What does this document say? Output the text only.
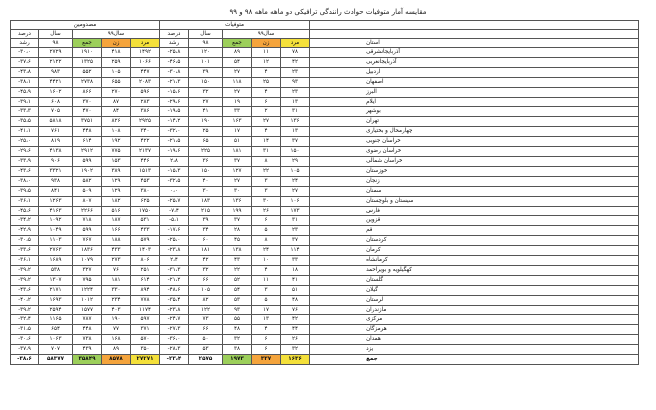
مقایسه آمار متوفیات حوادث رانندگی ترافیکی دو ماهه ماهه ۹۸ و ۹۹
مصدومین					متوفیات					
درصد	سال	سال۹۹			درصد	سال	سال۹۹			
رشد	۹۸	جمع	زن	مرد	رشد	۹۸	جمع	زن	مرد	استان
-۳۰،۰	۲۷۲۹	۱۹۱۰	۴۱۸	۱۴۹۲	-۲۵،۸	۱۲۰	۸۹	۱۱	۷۸	آذربایجانشرقی
-۳۷،۶	۲۱۲۲	۱۳۲۵	۲۵۹	۱۰۶۶	-۴۶،۵	۱۰۱	۵۴	۱۲	۴۲	آذربایجانغربی
-۴۳،۸	۹۸۳	۵۵۲	۱۰۵	۴۴۷	-۳۰،۸	۳۹	۲۷	۴	۲۳	اردبیل
-۳۸،۱	۴۴۲۱	۲۷۳۸	۶۵۵	۲۰۸۳	-۲۱،۳	۱۵۰	۱۱۸	۲۵	۹۳	اصفهان
-۴۵،۹	۱۶۰۲	۸۶۶	۲۷۰	۵۹۶	-۱۵،۶	۳۲	۲۷	۴	۲۳	البرز
-۳۹،۱	۶۰۸	۳۷۰	۸۷	۲۸۳	-۲۹،۶	۲۷	۱۹	۶	۱۳	ایلام
-۳۳،۳	۷۰۵	۴۷۰	۸۴	۳۸۶	-۱۹،۵	۴۱	۳۳	۲	۳۱	بوشهر
-۳۵،۵	۵۸۱۸	۳۷۵۱	۸۲۶	۲۹۲۵	-۱۴،۲	۱۹۰	۱۶۳	۲۷	۱۳۶	تهران
-۴۱،۱	۷۶۱	۴۴۸	۱۰۸	۳۴۰	-۳۲،۰	۲۵	۱۷	۴	۱۳	چهارمحال و بختیاری
-۲۵،۰	۸۱۹	۶۱۴	۱۹۲	۴۲۲	-۲۱،۵	۶۵	۵۱	۱۴	۳۷	خراسان جنوبی
-۲۹،۶	۴۱۳۸	۲۹۱۲	۷۷۵	۲۱۳۷	-۱۹،۶	۲۲۵	۱۸۱	۳۱	۱۵۰	خراسان رضوی
-۳۳،۹	۹۰۶	۵۹۹	۱۵۳	۴۴۶	۲،۸	۳۶	۳۷	۸	۲۹	خراسان شمالی
-۴۳،۶	۳۳۲۱	۱۹۰۲	۳۸۹	۱۵۱۳	-۱۵،۳	۱۵۰	۱۲۷	۲۲	۱۰۵	خوزستان
-۳۸،۰	۹۳۸	۵۸۲	۱۲۹	۴۵۳	-۳۲،۵	۴۰	۲۷	۳	۲۴	زنجان
-۳۹،۵	۸۴۱	۵۰۹	۱۲۹	۳۸۰	۰،۰	۳۰	۳۰	۳	۲۷	سمنان
-۳۶،۱	۱۲۶۳	۸۰۷	۱۸۲	۶۲۵	-۲۵،۷	۱۸۳	۱۳۶	۳۰	۱۰۶	سیستان و بلوچستان
-۴۵،۶	۴۱۶۳	۲۲۶۶	۵۱۶	۱۷۵۰	-۷،۴	۲۱۵	۱۹۹	۲۶	۱۷۳	فارس
-۳۴،۲	۱۰۹۲	۷۱۸	۱۸۷	۵۳۱	-۵،۱	۳۹	۳۷	۶	۳۱	قزوین
-۴۲،۹	۱۰۴۹	۵۹۹	۱۶۶	۴۳۳	-۱۷،۶	۳۴	۲۸	۵	۲۳	قم
-۳۰،۵	۱۱۰۳	۷۶۷	۱۸۸	۵۷۹	-۲۵،۰	۶۰	۴۵	۸	۳۷	کردستان
-۳۳،۶	۲۷۶۳	۱۸۳۶	۴۳۳	۱۴۰۳	-۲۳،۸	۱۸۱	۱۳۸	۲۴	۱۱۴	کرمان
-۳۶،۱	۱۶۸۹	۱۰۷۹	۲۷۳	۸۰۶	۲،۴	۴۲	۴۳	۱۰	۳۳	کرمانشاه
-۳۹،۲	۵۳۸	۳۲۷	۷۶	۲۵۱	-۳۱،۳	۳۲	۲۲	۴	۱۸	کهگیلویه و بویراحمد
-۳۹،۲	۱۳۰۷	۷۹۵	۱۸۱	۶۱۴	-۲۱،۲	۶۶	۵۲	۱۱	۴۱	گلستان
-۴۳،۶	۲۱۷۱	۱۲۲۴	۳۳۰	۸۹۴	-۴۸،۶	۱۰۵	۵۴	۳	۵۱	گیلان
-۴۰،۲	۱۶۹۳	۱۰۱۲	۲۳۴	۷۷۸	-۳۵،۴	۸۲	۵۳	۵	۴۸	لرستان
-۳۹،۲	۲۵۹۴	۱۵۷۷	۴۰۳	۱۱۷۴	-۲۳،۸	۱۲۲	۹۳	۱۷	۷۶	مازندران
-۳۲،۴	۱۱۶۵	۷۸۷	۱۹۰	۵۹۷	-۲۴،۷	۷۳	۵۵	۱۳	۴۲	مرکزی
-۳۱،۵	۶۵۴	۴۴۸	۷۷	۳۷۱	-۲۷،۳	۶۶	۴۸	۴	۴۴	هرمزگان
-۳۰،۶	۱۰۶۳	۷۳۸	۱۶۸	۵۷۰	-۳۶،۰	۵۰	۳۲	۶	۲۶	همدان
-۳۷،۹	۷۰۷	۴۳۹	۸۹	۳۵۰	-۲۸،۳	۵۳	۳۸	۶	۳۲	یزد
-۳۸،۶	۵۸۳۷۷	۳۵۸۴۹	۸۵۷۸	۲۷۲۷۱	-۲۳،۴	۲۵۷۵	۱۹۷۳	۳۳۷	۱۶۳۶	جمع
